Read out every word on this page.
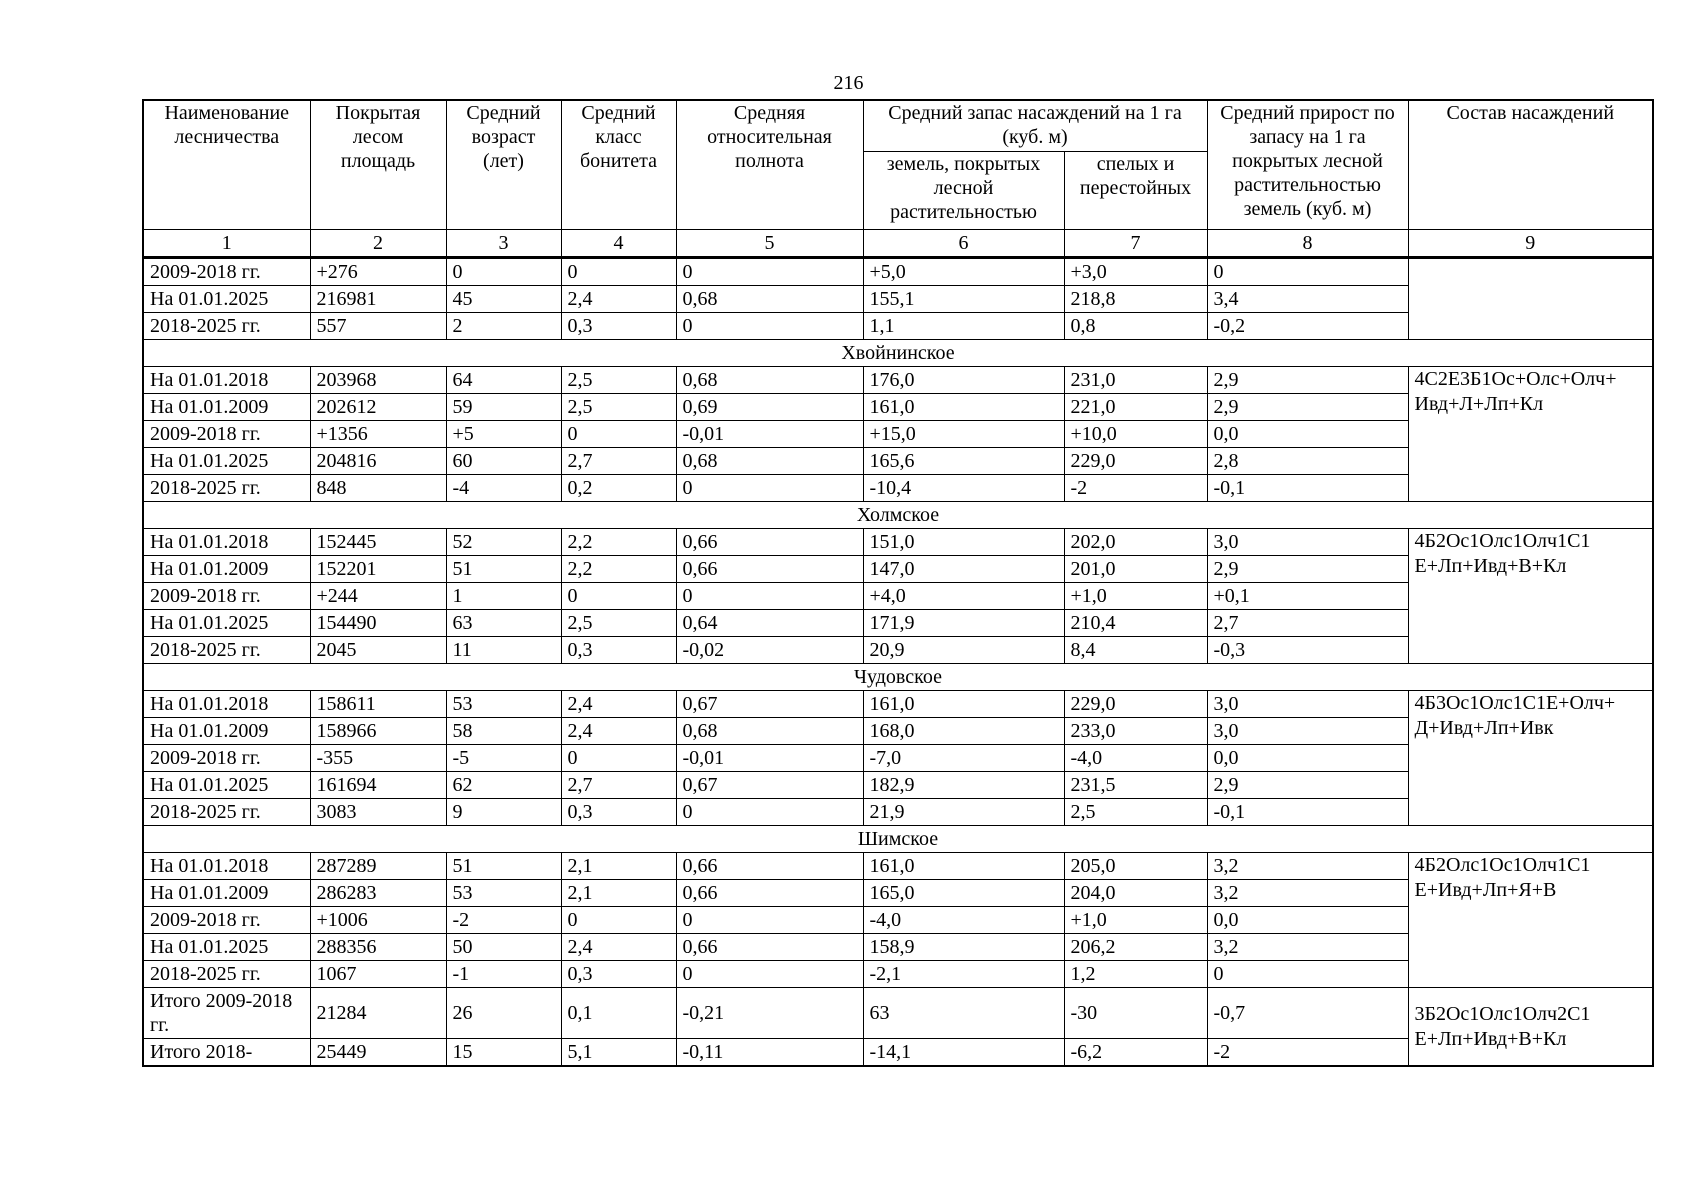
216
Наименование лесничества	Покрытая лесом площадь	Средний возраст (лет)	Средний класс бонитета	Средняя относительная полнота	Средний запас насаждений на 1 га (куб. м)		Средний прирост по запасу на 1 га покрытых лесной растительностью земель (куб. м)	Состав насаждений
					земель, покрытых лесной растительностью	спелых и перестойных		
1	2	3	4	5	6	7	8	9
2009-2018 гг.	+276	0	0	0	+5,0	+3,0	0	
На 01.01.2025	216981	45	2,4	0,68	155,1	218,8	3,4	
2018-2025 гг.	557	2	0,3	0	1,1	0,8	-0,2	
Хвойнинское								
На 01.01.2018	203968	64	2,5	0,68	176,0	231,0	2,9	4С2Е3Б1Ос+Олс+Олч+ Ивд+Л+Лп+Кл
На 01.01.2009	202612	59	2,5	0,69	161,0	221,0	2,9	
2009-2018 гг.	+1356	+5	0	-0,01	+15,0	+10,0	0,0	
На 01.01.2025	204816	60	2,7	0,68	165,6	229,0	2,8	
2018-2025 гг.	848	-4	0,2	0	-10,4	-2	-0,1	
Холмское								
На 01.01.2018	152445	52	2,2	0,66	151,0	202,0	3,0	4Б2Ос1Олс1Олч1С1 Е+Лп+Ивд+В+Кл
На 01.01.2009	152201	51	2,2	0,66	147,0	201,0	2,9	
2009-2018 гг.	+244	1	0	0	+4,0	+1,0	+0,1	
На 01.01.2025	154490	63	2,5	0,64	171,9	210,4	2,7	
2018-2025 гг.	2045	11	0,3	-0,02	20,9	8,4	-0,3	
Чудовское								
На 01.01.2018	158611	53	2,4	0,67	161,0	229,0	3,0	4Б3Ос1Олс1С1Е+Олч+ Д+Ивд+Лп+Ивк
На 01.01.2009	158966	58	2,4	0,68	168,0	233,0	3,0	
2009-2018 гг.	-355	-5	0	-0,01	-7,0	-4,0	0,0	
На 01.01.2025	161694	62	2,7	0,67	182,9	231,5	2,9	
2018-2025 гг.	3083	9	0,3	0	21,9	2,5	-0,1	
Шимское								
На 01.01.2018	287289	51	2,1	0,66	161,0	205,0	3,2	4Б2Олс1Ос1Олч1С1 Е+Ивд+Лп+Я+В
На 01.01.2009	286283	53	2,1	0,66	165,0	204,0	3,2	
2009-2018 гг.	+1006	-2	0	0	-4,0	+1,0	0,0	
На 01.01.2025	288356	50	2,4	0,66	158,9	206,2	3,2	
2018-2025 гг.	1067	-1	0,3	0	-2,1	1,2	0	
Итого 2009-2018 гг.	21284	26	0,1	-0,21	63	-30	-0,7	3Б2Ос1Олс1Олч2С1 Е+Лп+Ивд+В+Кл
Итого 2018-	25449	15	5,1	-0,11	-14,1	-6,2	-2	
